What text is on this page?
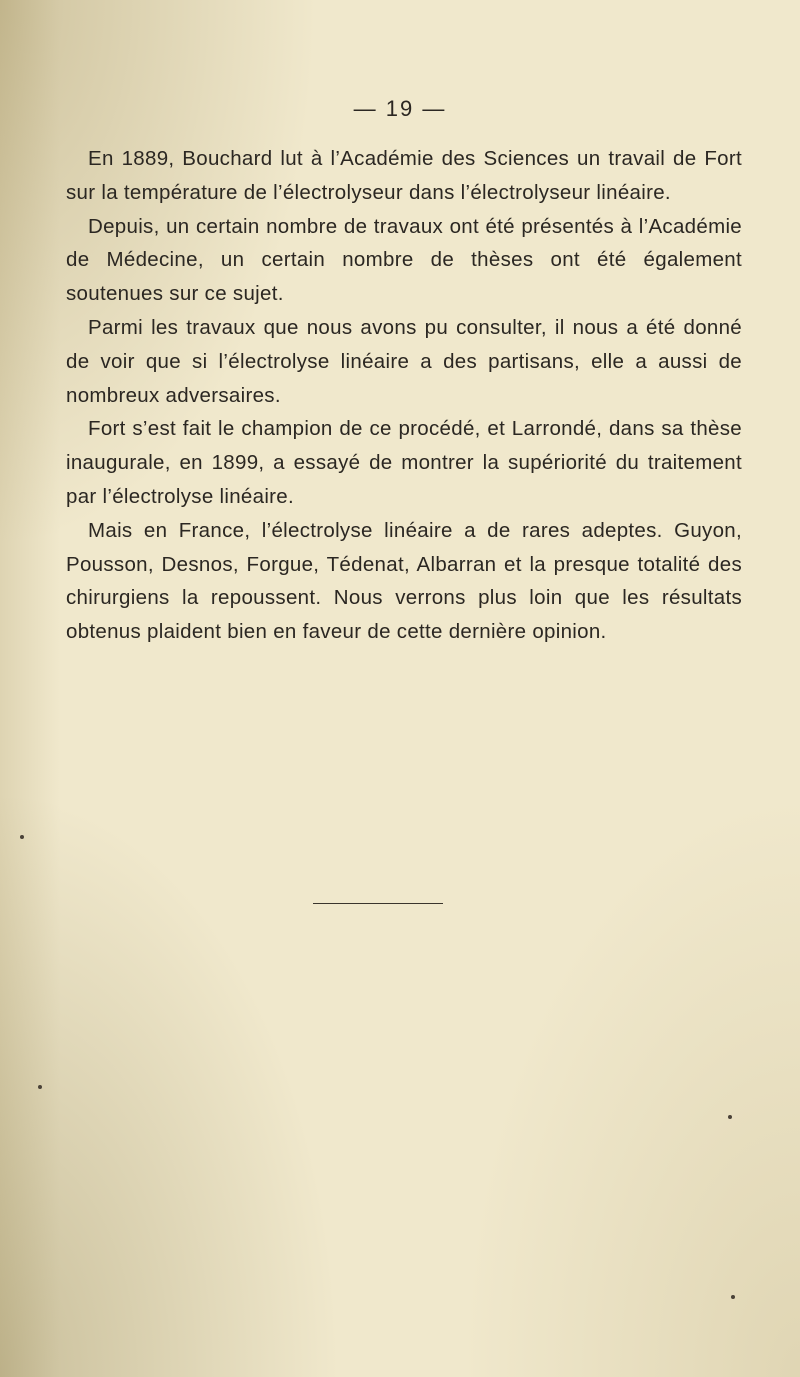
— 19 —

En 1889, Bouchard lut à l’Académie des Sciences un travail de Fort sur la température de l’électrolyseur dans l’électrolyseur linéaire.

Depuis, un certain nombre de travaux ont été présentés à l’Académie de Médecine, un certain nombre de thèses ont été également soutenues sur ce sujet.

Parmi les travaux que nous avons pu consulter, il nous a été donné de voir que si l’électrolyse linéaire a des partisans, elle a aussi de nombreux adversaires.

Fort s’est fait le champion de ce procédé, et Larrondé, dans sa thèse inaugurale, en 1899, a essayé de montrer la supériorité du traitement par l’électrolyse linéaire.

Mais en France, l’électrolyse linéaire a de rares adeptes. Guyon, Pousson, Desnos, Forgue, Tédenat, Albarran et la presque totalité des chirurgiens la repoussent. Nous verrons plus loin que les résultats obtenus plaident bien en faveur de cette dernière opinion.
